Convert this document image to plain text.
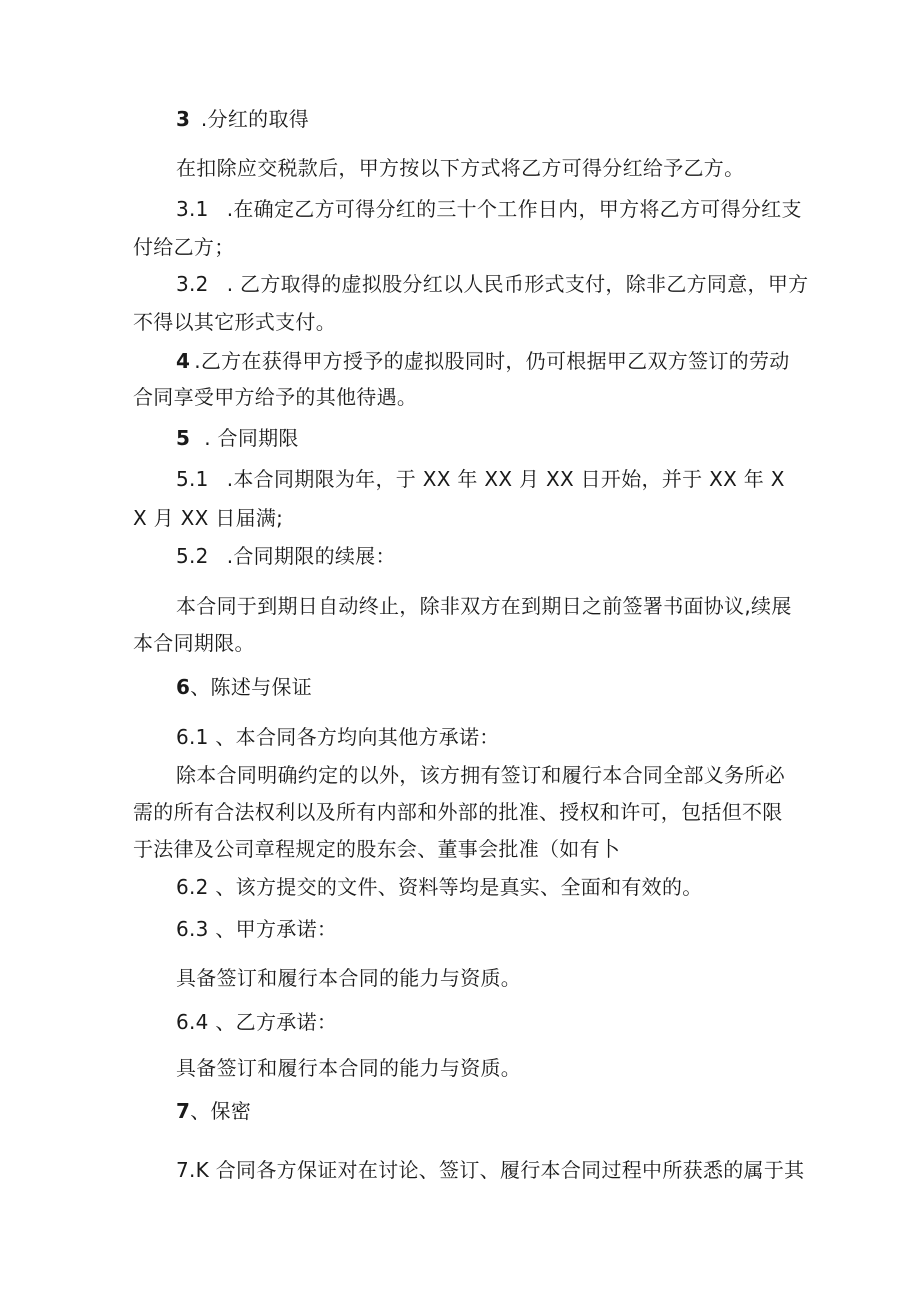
3 .分红的取得
在扣除应交税款后，甲方按以下方式将乙方可得分红给予乙方。
3.1 .在确定乙方可得分红的三十个工作日内，甲方将乙方可得分红支
付给乙方；
3.2 . 乙方取得的虚拟股分红以人民币形式支付，除非乙方同意，甲方
不得以其它形式支付。
4 .乙方在获得甲方授予的虚拟股同时，仍可根据甲乙双方签订的劳动
合同享受甲方给予的其他待遇。
5 . 合同期限
5.1 .本合同期限为年，于 XX 年 XX 月 XX 日开始，并于 XX 年 X
X 月 XX 日届满;
5.2 .合同期限的续展：
本合同于到期日自动终止，除非双方在到期日之前签署书面协议,续展
本合同期限。
6、陈述与保证
6.1 、本合同各方均向其他方承诺：
除本合同明确约定的以外，该方拥有签订和履行本合同全部义务所必
需的所有合法权利以及所有内部和外部的批准、授权和许可，包括但不限
于法律及公司章程规定的股东会、董事会批准（如有卜
6.2 、该方提交的文件、资料等均是真实、全面和有效的。
6.3 、甲方承诺：
具备签订和履行本合同的能力与资质。
6.4 、乙方承诺：
具备签订和履行本合同的能力与资质。
7、保密
7.K 合同各方保证对在讨论、签订、履行本合同过程中所获悉的属于其
